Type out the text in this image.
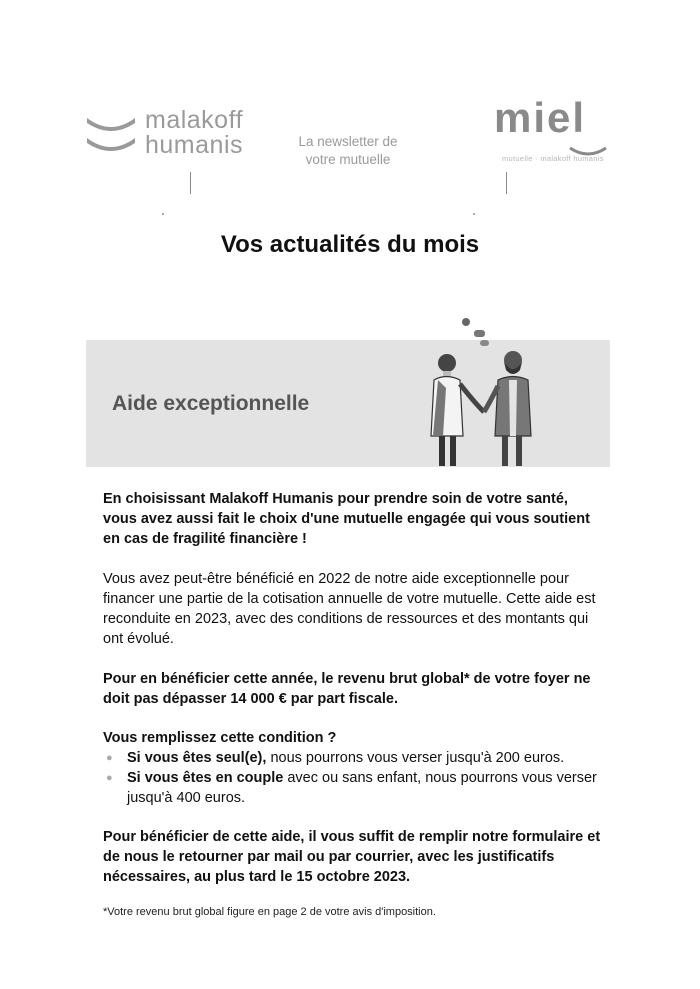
malakoff
humanis	La newsletter de
votre mutuelle
miel
mutuelle · malakoff humanis
Vos actualités du mois
Aide exceptionnelle

En choisissant Malakoff Humanis pour prendre soin de votre santé, vous avez aussi fait le choix d'une mutuelle engagée qui vous soutient en cas de fragilité financière !

Vous avez peut-être bénéficié en 2022 de notre aide exceptionnelle pour financer une partie de la cotisation annuelle de votre mutuelle. Cette aide est reconduite en 2023, avec des conditions de ressources et des montants qui ont évolué.

Pour en bénéficier cette année, le revenu brut global* de votre foyer ne doit pas dépasser 14 000 € par part fiscale.

Vous remplissez cette condition ?

● Si vous êtes seul(e), nous pourrons vous verser jusqu'à 200 euros.
● Si vous êtes en couple avec ou sans enfant, nous pourrons vous verser jusqu'à 400 euros.

Pour bénéficier de cette aide, il vous suffit de remplir notre formulaire et de nous le retourner par mail ou par courrier, avec les justificatifs nécessaires, au plus tard le 15 octobre 2023.

*Votre revenu brut global figure en page 2 de votre avis d'imposition.
